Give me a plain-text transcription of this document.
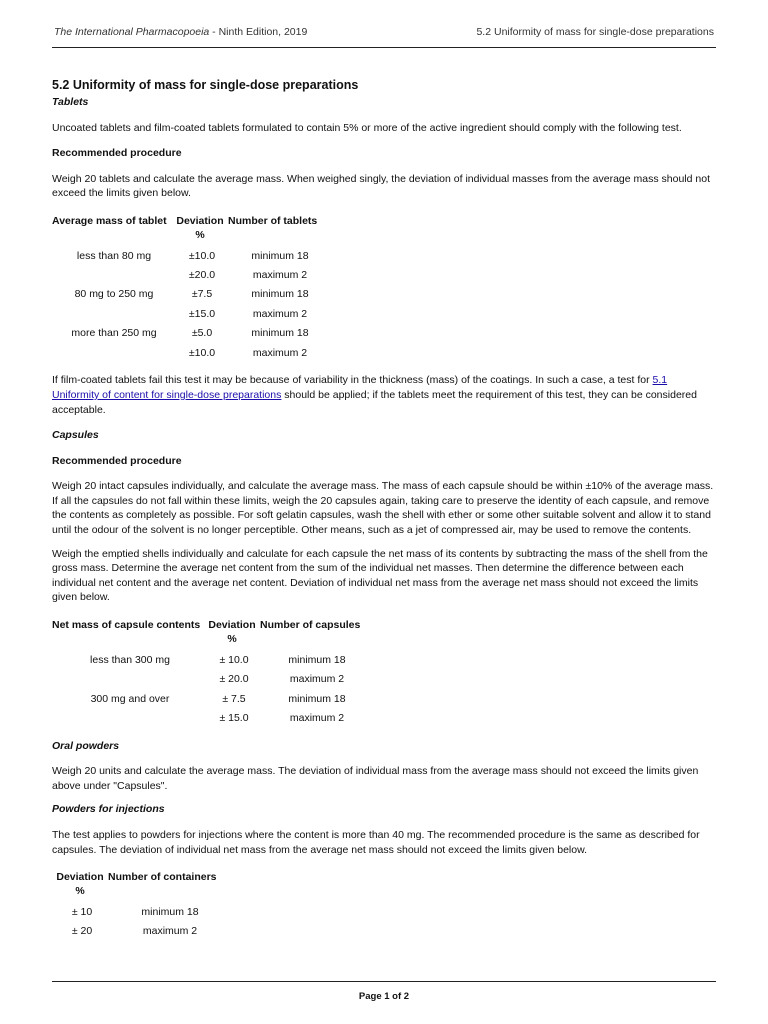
The International Pharmacopoeia - Ninth Edition, 2019	5.2 Uniformity of mass for single-dose preparations
5.2 Uniformity of mass for single-dose preparations

Tablets

Uncoated tablets and film-coated tablets formulated to contain 5% or more of the active ingredient should comply with the following test.

Recommended procedure

Weigh 20 tablets and calculate the average mass. When weighed singly, the deviation of individual masses from the average mass should not exceed the limits given below.

Average mass of tablet	Deviation %	Number of tablets
less than 80 mg	±10.0	minimum 18
	±20.0	maximum 2
80 mg to 250 mg	±7.5	minimum 18
	±15.0	maximum 2
more than 250 mg	±5.0	minimum 18
	±10.0	maximum 2

If film-coated tablets fail this test it may be because of variability in the thickness (mass) of the coatings. In such a case, a test for 5.1 Uniformity of content for single-dose preparations should be applied; if the tablets meet the requirement of this test, they can be considered acceptable.

Capsules

Recommended procedure

Weigh 20 intact capsules individually, and calculate the average mass. The mass of each capsule should be within ±10% of the average mass. If all the capsules do not fall within these limits, weigh the 20 capsules again, taking care to preserve the identity of each capsule, and remove the contents as completely as possible. For soft gelatin capsules, wash the shell with ether or some other suitable solvent and allow it to stand until the odour of the solvent is no longer perceptible. Other means, such as a jet of compressed air, may be used to remove the contents.

Weigh the emptied shells individually and calculate for each capsule the net mass of its contents by subtracting the mass of the shell from the gross mass. Determine the average net content from the sum of the individual net masses. Then determine the difference between each individual net content and the average net content. Deviation of individual net mass from the average net mass should not exceed the limits given below.

Net mass of capsule contents	Deviation %	Number of capsules
less than 300 mg	± 10.0	minimum 18
	± 20.0	maximum 2
300 mg and over	± 7.5	minimum 18
	± 15.0	maximum 2

Oral powders

Weigh 20 units and calculate the average mass. The deviation of individual mass from the average mass should not exceed the limits given above under "Capsules".

Powders for injections

The test applies to powders for injections where the content is more than 40 mg. The recommended procedure is the same as described for capsules. The deviation of individual net mass from the average net mass should not exceed the limits given below.

Deviation %	Number of containers
± 10	minimum 18
± 20	maximum 2
Page 1 of 2
